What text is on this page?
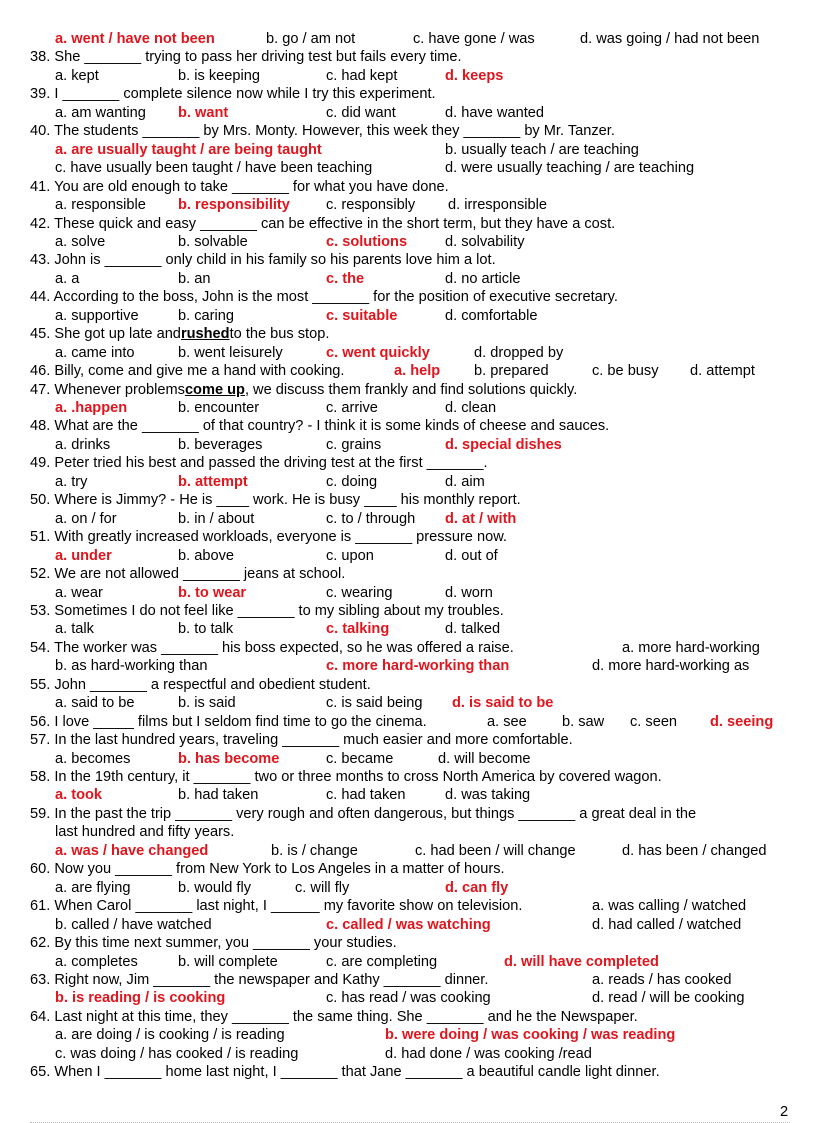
a. went / have not been	b. go / am not	c. have gone / was	d. was going / had not been
38. She _______ trying to pass her driving test but fails every time.
a. kept	b. is keeping	c. had kept	d. keeps
39. I _______ complete silence now while I try this experiment.
a. am wanting b. want	c. did want	d. have wanted
40. The students _______ by Mrs. Monty. However, this week they _______ by Mr. Tanzer.
a. are usually taught / are being taught	b. usually teach / are teaching
c. have usually been taught / have been teaching	d. were usually teaching / are teaching
41. You are old enough to take _______ for what you have done.
a. responsible b. responsibility c. responsibly d. irresponsible
42. These quick and easy _______ can be effective in the short term, but they have a cost.
a. solve	b. solvable	c. solutions	d. solvability
43. John is _______ only child in his family so his parents love him a lot.
a. a	b. an	c. the	d. no article
44. According to the boss, John is the most _______ for the position of executive secretary.
a. supportive	b. caring	c. suitable	d. comfortable
45. She got up late and rushed to the bus stop.
a. came into	b. went leisurely	c. went quickly	d. dropped by
46. Billy, come and give me a hand with cooking.	a. help b. prepared	c. be busy d. attempt
47. Whenever problems come up , we discuss them frankly and find solutions quickly.
a. .happen	b. encounter	c. arrive	d. clean
48. What are the _______ of that country? - I think it is some kinds of cheese and sauces.
a. drinks	b. beverages	c. grains	d. special dishes
49. Peter tried his best and passed the driving test at the first _______.
a. try	b. attempt	c. doing	d. aim
50. Where is Jimmy? - He is ____ work. He is busy ____ his monthly report.
a. on / for	b. in / about	c. to / through d. at / with
51. With greatly increased workloads, everyone is _______ pressure now.
a. under	b. above	c. upon	d. out of
52. We are not allowed _______ jeans at school.
a. wear	b. to wear	c. wearing	d. worn
53. Sometimes I do not feel like _______ to my sibling about my troubles.
a. talk	b. to talk	c. talking	d. talked
54. The worker was _______ his boss expected, so he was offered a raise.	a. more hard-working
b. as hard-working than	c. more hard-working than	d. more hard-working as
55. John _______ a respectful and obedient student.
a. said to be	b. is said	c. is said being d. is said to be
56. I love _____ films but I seldom find time to go the cinema.	a. see b. saw c. seen d. seeing
57. In the last hundred years, traveling _______ much easier and more comfortable.
a. becomes	b. has become	c. became	d. will become
58. In the 19th century, it _______ two or three months to cross North America by covered wagon.
a. took	b. had taken	c. had taken	d. was taking
59. In the past the trip _______ very rough and often dangerous, but things _______ a great deal in the
last hundred and fifty years.
a. was / have changed	b. is / change	c. had been / will change	d. has been / changed
60. Now you _______ from New York to Los Angeles in a matter of hours.
a. are flying	b. would fly	c. will fly	d. can fly
61. When Carol _______ last night, I ______ my favorite show on television.	a. was calling / watched
b. called / have watched	c. called / was watching	d. had called / watched
62. By this time next summer, you _______ your studies.
a. completes	b. will complete	c. are completing	d. will have completed
63. Right now, Jim _______ the newspaper and Kathy _______ dinner.	a. reads / has cooked
b. is reading / is cooking	c. has read / was cooking	d. read / will be cooking
64. Last night at this time, they _______ the same thing. She _______ and he the Newspaper.
a. are doing / is cooking / is reading	b. were doing / was cooking / was reading
c. was doing / has cooked / is reading	d. had done / was cooking /read
65. When I _______ home last night, I _______ that Jane _______ a beautiful candle light dinner.
2
